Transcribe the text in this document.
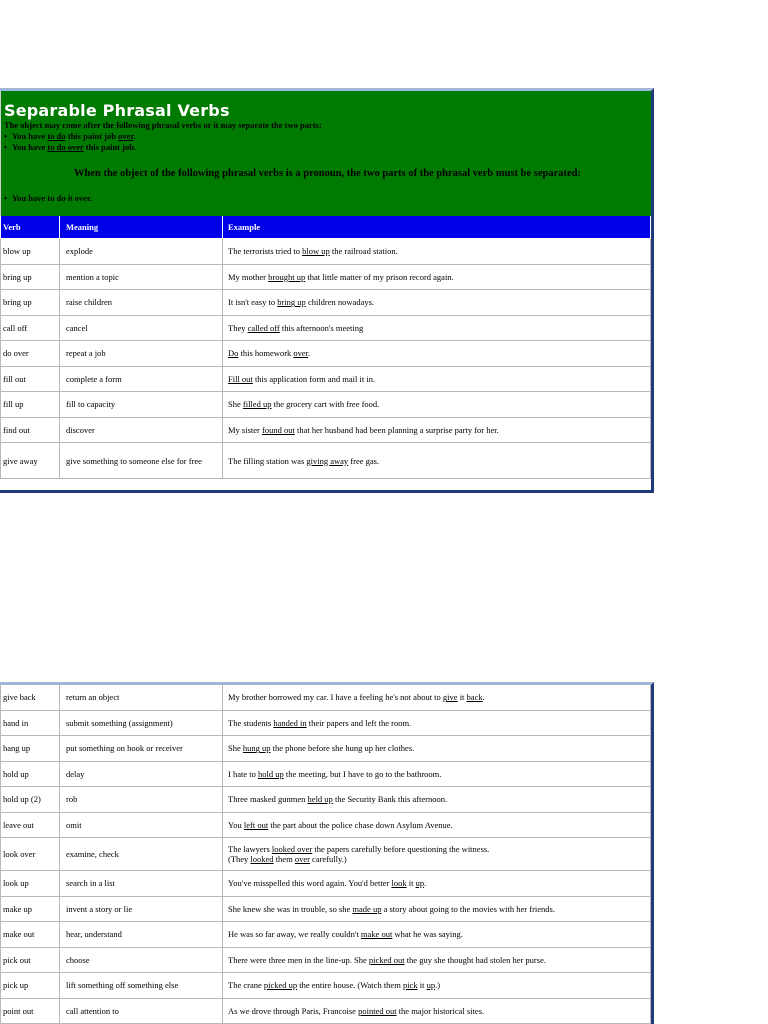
Separable Phrasal Verbs
The object may come after the following phrasal verbs or it may separate the two parts:
• You have to do this paint job over.
• You have to do over this paint job.
When the object of the following phrasal verbs is a pronoun, the two parts of the phrasal verb must be separated:
• You have to do it over.
Verb	Meaning	Example
blow up	explode	The terrorists tried to blow up the railroad station.
bring up	mention a topic	My mother brought up that little matter of my prison record again.
bring up	raise children	It isn't easy to bring up children nowadays.
call off	cancel	They called off this afternoon's meeting
do over	repeat a job	Do this homework over.
fill out	complete a form	Fill out this application form and mail it in.
fill up	fill to capacity	She filled up the grocery cart with free food.
find out	discover	My sister found out that her husband had been planning a surprise party for her.
give away	give something to someone else for free	The filling station was giving away free gas.
give back	return an object	My brother borrowed my car. I have a feeling he's not about to give it back.
hand in	submit something (assignment)	The students handed in their papers and left the room.
hang up	put something on hook or receiver	She hung up the phone before she hung up her clothes.
hold up	delay	I hate to hold up the meeting, but I have to go to the bathroom.
hold up (2)	rob	Three masked gunmen held up the Security Bank this afternoon.
leave out	omit	You left out the part about the police chase down Asylum Avenue.
look over	examine, check	The lawyers looked over the papers carefully before questioning the witness.
(They looked them over carefully.)
look up	search in a list	You've misspelled this word again. You'd better look it up.
make up	invent a story or lie	She knew she was in trouble, so she made up a story about going to the movies with her friends.
make out	hear, understand	He was so far away, we really couldn't make out what he was saying.
pick out	choose	There were three men in the line-up. She picked out the guy she thought had stolen her purse.
pick up	lift something off something else	The crane picked up the entire house. (Watch them pick it up.)
point out	call attention to	As we drove through Paris, Francoise pointed out the major historical sites.
